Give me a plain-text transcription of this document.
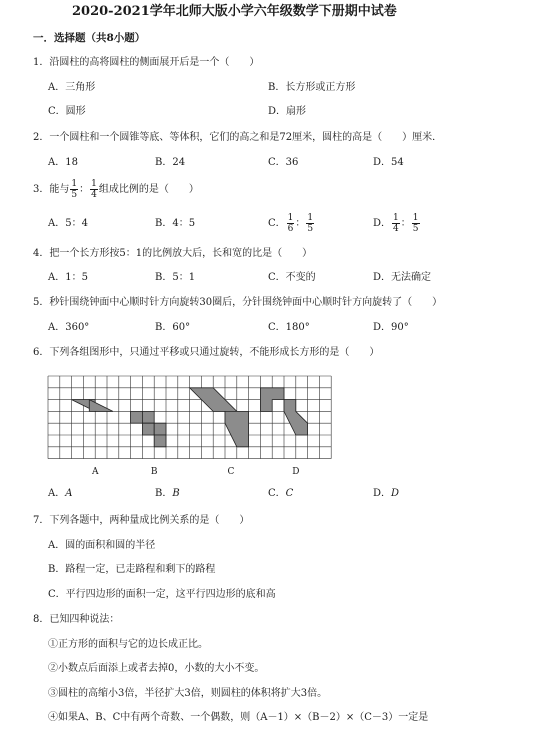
2020-2021学年北师大版小学六年级数学下册期中试卷
一．选择题（共8小题）
1．沿圆柱的高将圆柱的侧面展开后是一个（　　）
A．三角形	B．长方形或正方形
C．圆形	D．扇形
2．一个圆柱和一个圆锥等底、等体积，它们的高之和是72厘米，圆柱的高是（　　）厘米．
A．18	B．24	C．36	D．54
3．能与 $\frac{1}{5}$ ： $\frac{1}{4}$ 组成比例的是（　　）
A．5：4	B．4：5	C． $\frac{1}{6}$ ： $\frac{1}{5}$	D． $\frac{1}{4}$ ： $\frac{1}{5}$
4．把一个长方形按5：1的比例放大后，长和宽的比是（　　）
A．1：5	B．5：1	C．不变的	D．无法确定
5．秒针围绕钟面中心顺时针方向旋转30圈后，分针围绕钟面中心顺时针方向旋转了（　　）
A．360°	B．60°	C．180°	D．90°
6．下列各组图形中，只通过平移或只通过旋转，不能形成长方形的是（　　）
A	B	C	D
A．A	B．B	C．C	D．D
7．下列各题中，两种量成比例关系的是（　　）
A．圆的面积和圆的半径
B．路程一定，已走路程和剩下的路程
C．平行四边形的面积一定，这平行四边形的底和高
8．已知四种说法：
①正方形的面积与它的边长成正比。
②小数点后面添上或者去掉0，小数的大小不变。
③圆柱的高缩小3倍，半径扩大3倍，则圆柱的体积将扩大3倍。
④如果A、B、C中有两个奇数、一个偶数，则（A－1）×（B－2）×（C－3）一定是
